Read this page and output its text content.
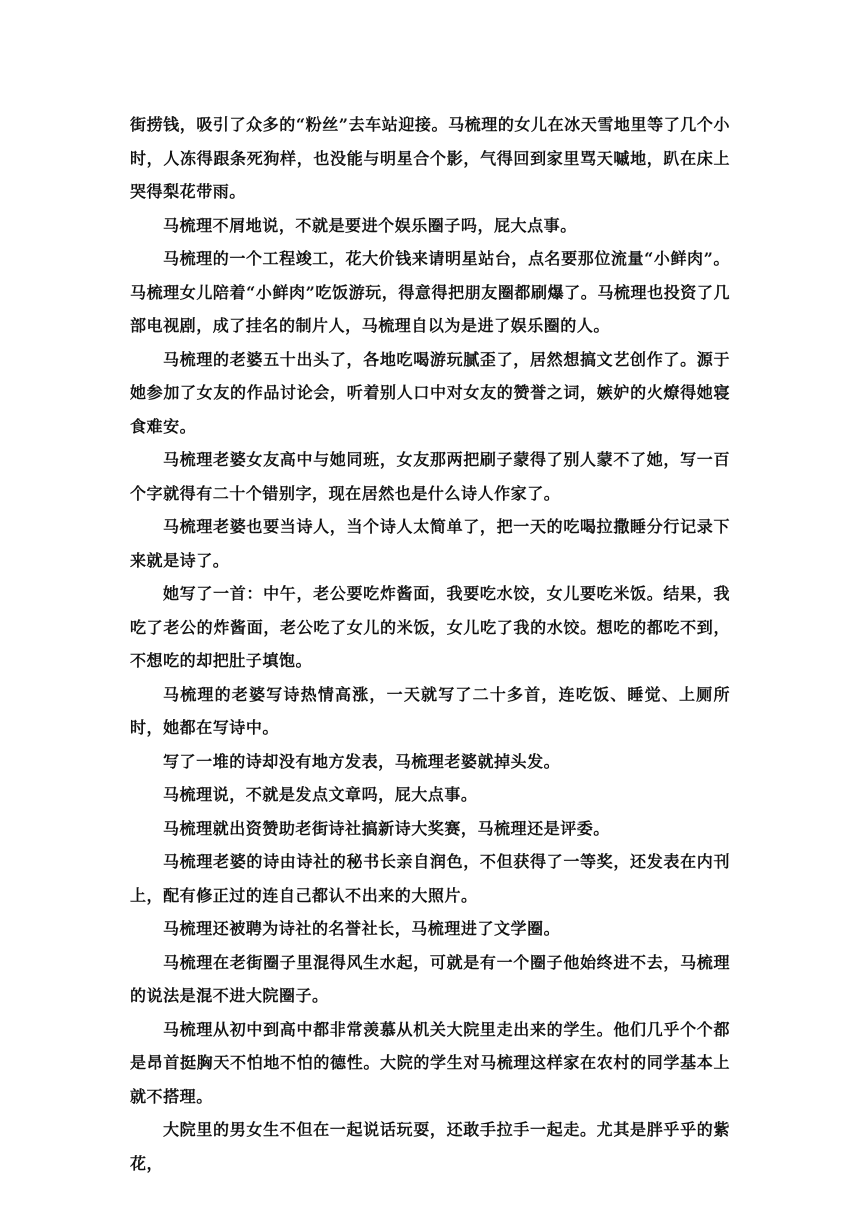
街捞钱，吸引了众多的“粉丝”去车站迎接。马梳理的女儿在冰天雪地里等了几个小时，人冻得跟条死狗样，也没能与明星合个影，气得回到家里骂天嘁地，趴在床上哭得梨花带雨。

马梳理不屑地说，不就是要进个娱乐圈子吗，屁大点事。

马梳理的一个工程竣工，花大价钱来请明星站台，点名要那位流量“小鲜肉”。马梳理女儿陪着“小鲜肉”吃饭游玩，得意得把朋友圈都刷爆了。马梳理也投资了几部电视剧，成了挂名的制片人，马梳理自以为是进了娱乐圈的人。

马梳理的老婆五十出头了，各地吃喝游玩腻歪了，居然想搞文艺创作了。源于她参加了女友的作品讨论会，听着别人口中对女友的赞誉之词，嫉妒的火燎得她寝食难安。

马梳理老婆女友高中与她同班，女友那两把刷子蒙得了别人蒙不了她，写一百个字就得有二十个错别字，现在居然也是什么诗人作家了。

马梳理老婆也要当诗人，当个诗人太简单了，把一天的吃喝拉撒睡分行记录下来就是诗了。

她写了一首：中午，老公要吃炸酱面，我要吃水饺，女儿要吃米饭。结果，我吃了老公的炸酱面，老公吃了女儿的米饭，女儿吃了我的水饺。想吃的都吃不到，不想吃的却把肚子填饱。

马梳理的老婆写诗热情高涨，一天就写了二十多首，连吃饭、睡觉、上厕所时，她都在写诗中。

写了一堆的诗却没有地方发表，马梳理老婆就掉头发。

马梳理说，不就是发点文章吗，屁大点事。

马梳理就出资赞助老街诗社搞新诗大奖赛，马梳理还是评委。

马梳理老婆的诗由诗社的秘书长亲自润色，不但获得了一等奖，还发表在内刊上，配有修正过的连自己都认不出来的大照片。

马梳理还被聘为诗社的名誉社长，马梳理进了文学圈。

马梳理在老街圈子里混得风生水起，可就是有一个圈子他始终进不去，马梳理的说法是混不进大院圈子。

马梳理从初中到高中都非常羡慕从机关大院里走出来的学生。他们几乎个个都是昂首挺胸天不怕地不怕的德性。大院的学生对马梳理这样家在农村的同学基本上就不搭理。

大院里的男女生不但在一起说话玩耍，还敢手拉手一起走。尤其是胖乎乎的紫花，
